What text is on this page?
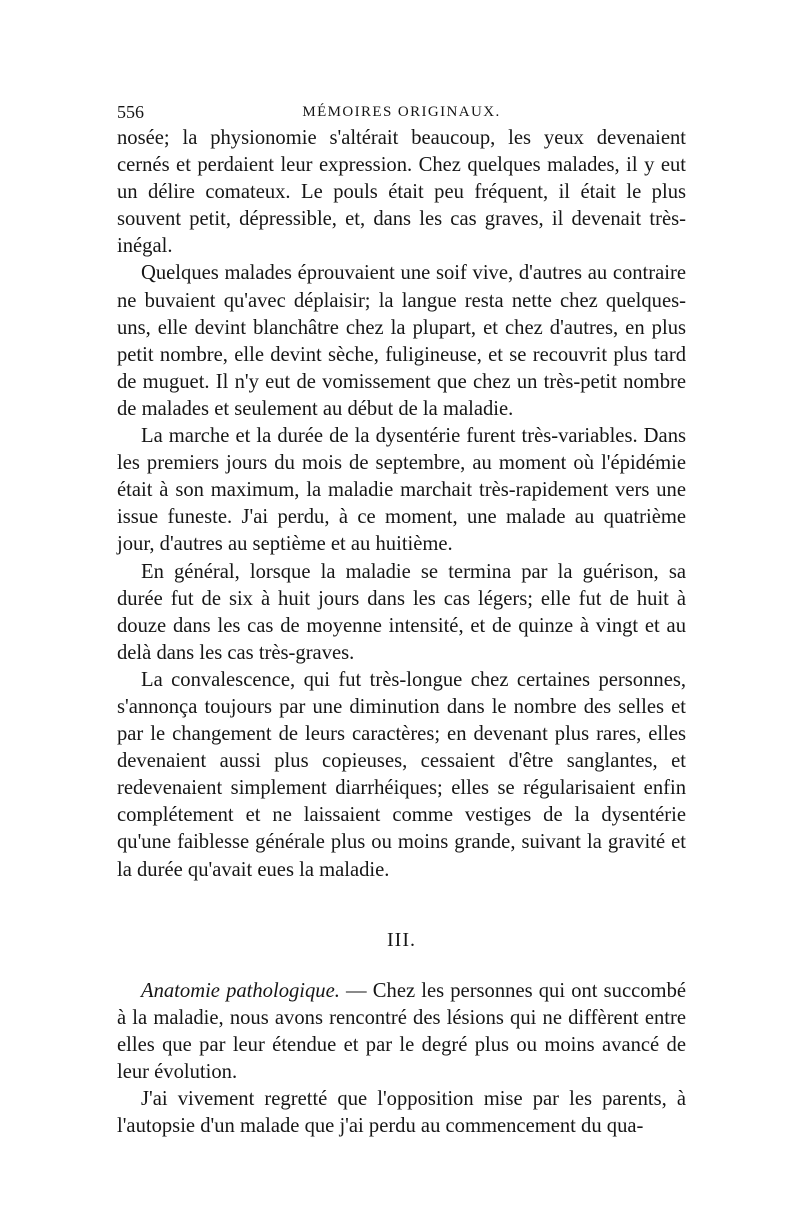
556	MÉMOIRES ORIGINAUX.

nosée; la physionomie s'altérait beaucoup, les yeux devenaient cernés et perdaient leur expression. Chez quelques malades, il y eut un délire comateux. Le pouls était peu fréquent, il était le plus souvent petit, dépressible, et, dans les cas graves, il devenait très-inégal.

Quelques malades éprouvaient une soif vive, d'autres au contraire ne buvaient qu'avec déplaisir; la langue resta nette chez quelques-uns, elle devint blanchâtre chez la plupart, et chez d'autres, en plus petit nombre, elle devint sèche, fuligineuse, et se recouvrit plus tard de muguet. Il n'y eut de vomissement que chez un très-petit nombre de malades et seulement au début de la maladie.

La marche et la durée de la dysentérie furent très-variables. Dans les premiers jours du mois de septembre, au moment où l'épidémie était à son maximum, la maladie marchait très-rapidement vers une issue funeste. J'ai perdu, à ce moment, une malade au quatrième jour, d'autres au septième et au huitième.

En général, lorsque la maladie se termina par la guérison, sa durée fut de six à huit jours dans les cas légers; elle fut de huit à douze dans les cas de moyenne intensité, et de quinze à vingt et au delà dans les cas très-graves.

La convalescence, qui fut très-longue chez certaines personnes, s'annonça toujours par une diminution dans le nombre des selles et par le changement de leurs caractères; en devenant plus rares, elles devenaient aussi plus copieuses, cessaient d'être sanglantes, et redevenaient simplement diarrhéiques; elles se régularisaient enfin complétement et ne laissaient comme vestiges de la dysentérie qu'une faiblesse générale plus ou moins grande, suivant la gravité et la durée qu'avait eues la maladie.

III.

Anatomie pathologique. — Chez les personnes qui ont succombé à la maladie, nous avons rencontré des lésions qui ne diffèrent entre elles que par leur étendue et par le degré plus ou moins avancé de leur évolution.

J'ai vivement regretté que l'opposition mise par les parents, à l'autopsie d'un malade que j'ai perdu au commencement du qua-
